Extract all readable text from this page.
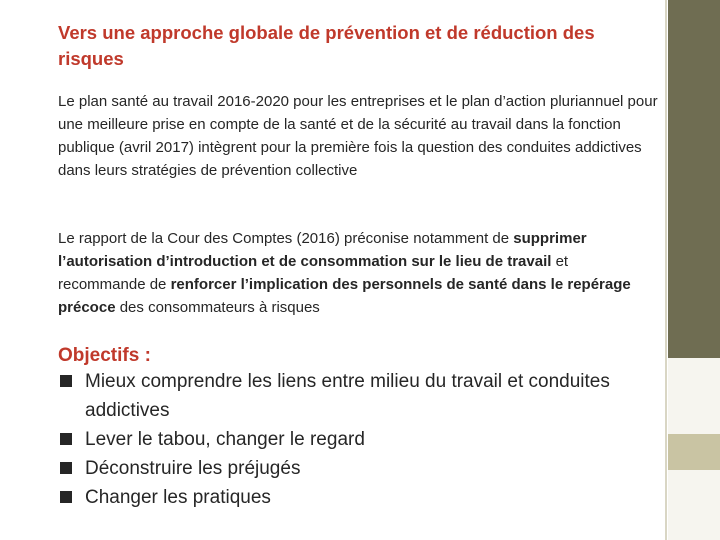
Vers une approche globale de prévention et de réduction des risques
Le plan santé au travail 2016-2020 pour les entreprises et le plan d’action pluriannuel pour une meilleure prise en compte de la santé et de la sécurité au travail dans la fonction publique (avril 2017) intègrent pour la première fois la question des conduites addictives dans leurs stratégies de prévention collective
Le rapport de la Cour des Comptes (2016) préconise notamment de supprimer l’autorisation d’introduction et de consommation sur le lieu de travail et recommande de renforcer l’implication des personnels de santé dans le repérage précoce des consommateurs à risques
Objectifs :
Mieux comprendre les liens entre milieu du travail et conduites addictives
Lever le tabou, changer le regard
Déconstruire les préjugés
Changer les pratiques
